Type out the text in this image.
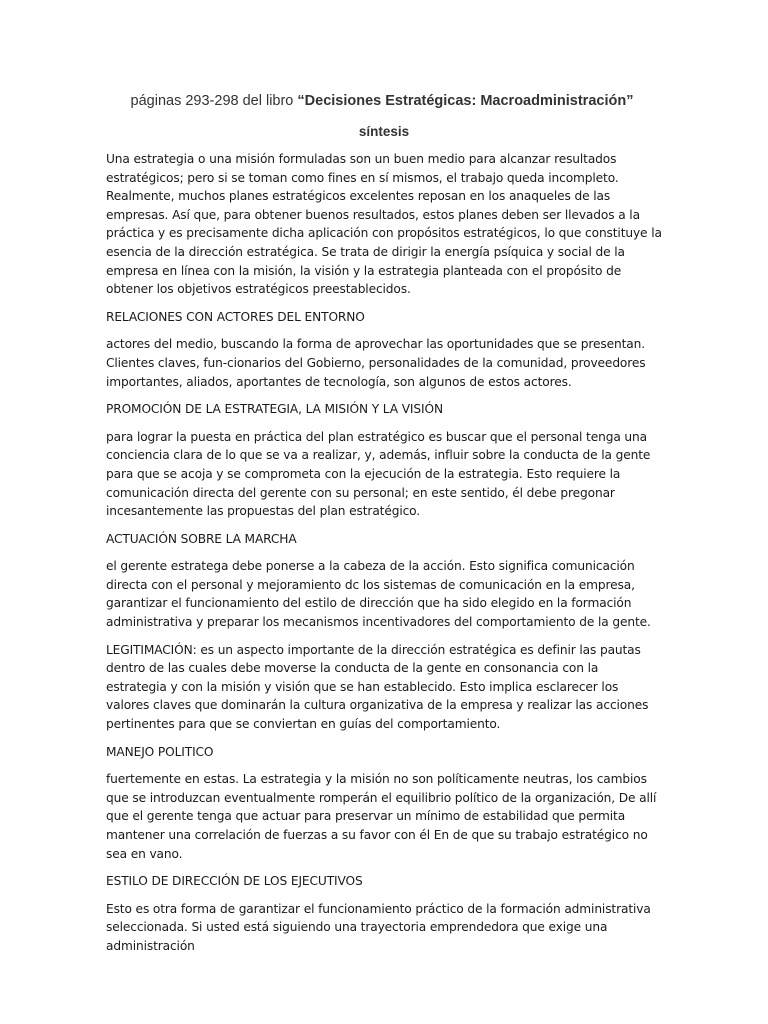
páginas 293-298 del libro “Decisiones Estratégicas: Macroadministración”
síntesis

Una estrategia o una misión formuladas son un buen medio para alcanzar resultados estratégicos; pero si se toman como fines en sí mismos, el trabajo queda incompleto. Realmente, muchos planes estratégicos excelentes reposan en los anaqueles de las empresas. Así que, para obtener buenos resultados, estos planes deben ser llevados a la práctica y es precisamente dicha aplicación con propósitos estratégicos, lo que constituye la esencia de la dirección estratégica. Se trata de dirigir la energía psíquica y social de la empresa en línea con la misión, la visión y la estrategia planteada con el propósito de obtener los objetivos estratégicos preestablecidos.

RELACIONES CON ACTORES DEL ENTORNO

actores del medio, buscando la forma de aprovechar las oportunidades que se presentan. Clientes claves, fun-cionarios del Gobierno, personalidades de la comunidad, proveedores importantes, aliados, aportantes de tecnología, son algunos de estos actores.

PROMOCIÓN DE LA ESTRATEGIA, LA MISIÓN Y LA VISIÓN

para lograr la puesta en práctica del plan estratégico es buscar que el personal tenga una conciencia clara de lo que se va a realizar, y, además, influir sobre la conducta de la gente para que se acoja y se comprometa con la ejecución de la estrategia. Esto requiere la comunicación directa del gerente con su personal; en este sentido, él debe pregonar incesantemente las propuestas del plan estratégico.

ACTUACIÓN SOBRE LA MARCHA

el gerente estratega debe ponerse a la cabeza de la acción. Esto significa comunicación directa con el personal y mejoramiento dc los sistemas de comunicación en la empresa, garantizar el funcionamiento del estilo de dirección que ha sido elegido en la formación administrativa y preparar los mecanismos incentivadores del comportamiento de la gente.

LEGITIMACIÓN: es un aspecto importante de la dirección estratégica es definir las pautas dentro de las cuales debe moverse la conducta de la gente en consonancia con la estrategia y con la misión y visión que se han establecido. Esto implica esclarecer los valores claves que dominarán la cultura organizativa de la empresa y realizar las acciones pertinentes para que se conviertan en guías del comportamiento.

MANEJO POLITICO

fuertemente en estas. La estrategia y la misión no son políticamente neutras, los cambios que se introduzcan eventualmente romperán el equilibrio político de la organización, De allí que el gerente tenga que actuar para preservar un mínimo de estabilidad que permita mantener una correlación de fuerzas a su favor con él En de que su trabajo estratégico no sea en vano.

ESTILO DE DIRECCIÓN DE LOS EJECUTIVOS

Esto es otra forma de garantizar el funcionamiento práctico de la formación administrativa seleccionada. Si usted está siguiendo una trayectoria emprendedora que exige una administración
